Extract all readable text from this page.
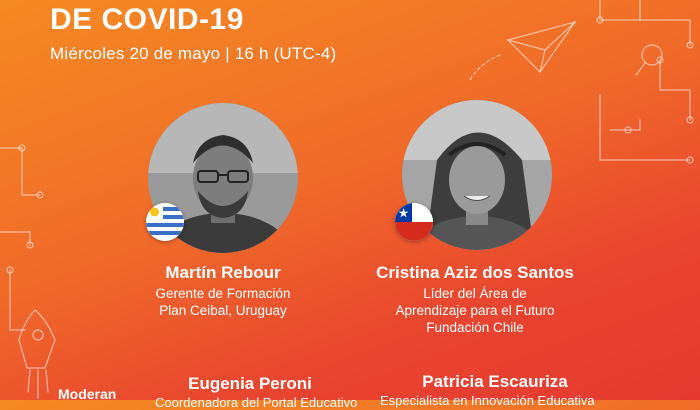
DE COVID-19
Miércoles 20 de mayo | 16 h (UTC-4)
Martín Rebour
Gerente de Formación
Plan Ceibal, Uruguay
Cristina Aziz dos Santos
Líder del Área de
Aprendizaje para el Futuro
Fundación Chile
Moderan
Eugenia Peroni
Coordenadora del Portal Educativo
Patricia Escauriza
Especialista en Innovación Educativa
